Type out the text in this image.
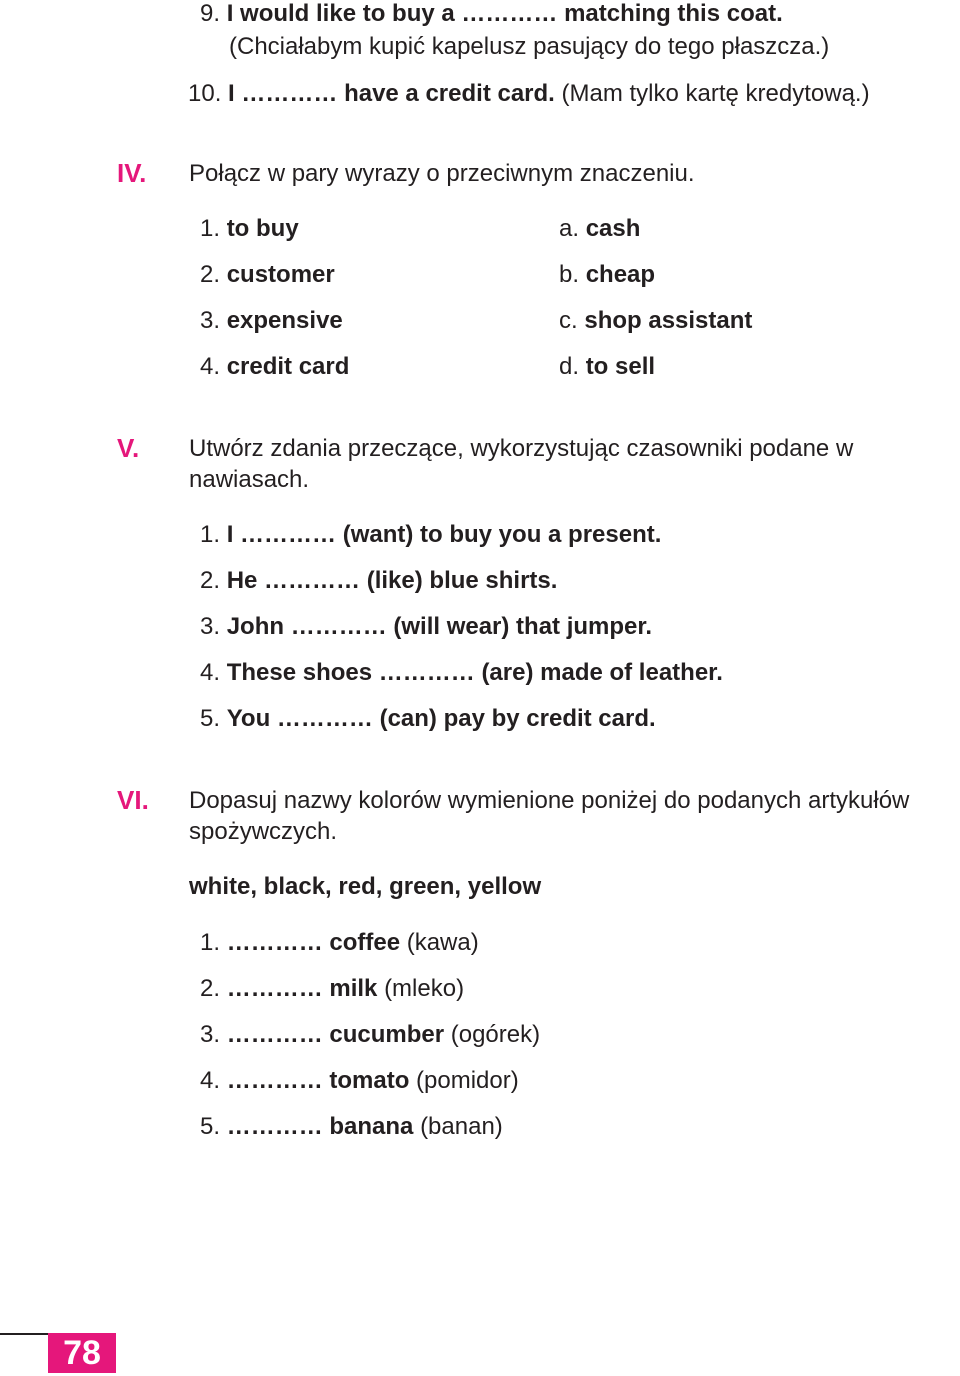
9. I would like to buy a ………… matching this coat.
(Chciałabym kupić kapelusz pasujący do tego płaszcza.)
10. I ………… have a credit card. (Mam tylko kartę kredytową.)
IV. Połącz w pary wyrazy o przeciwnym znaczeniu.
1. to buy
2. customer
3. expensive
4. credit card
a. cash
b. cheap
c. shop assistant
d. to sell
V. Utwórz zdania przeczące, wykorzystując czasowniki podane w nawiasach.
1. I ………… (want) to buy you a present.
2. He ………… (like) blue shirts.
3. John ………… (will wear) that jumper.
4. These shoes ………… (are) made of leather.
5. You ………… (can) pay by credit card.
VI. Dopasuj nazwy kolorów wymienione poniżej do podanych artykułów spożywczych.
white, black, red, green, yellow
1. ………… coffee (kawa)
2. ………… milk (mleko)
3. ………… cucumber (ogórek)
4. ………… tomato (pomidor)
5. ………… banana (banan)
78
